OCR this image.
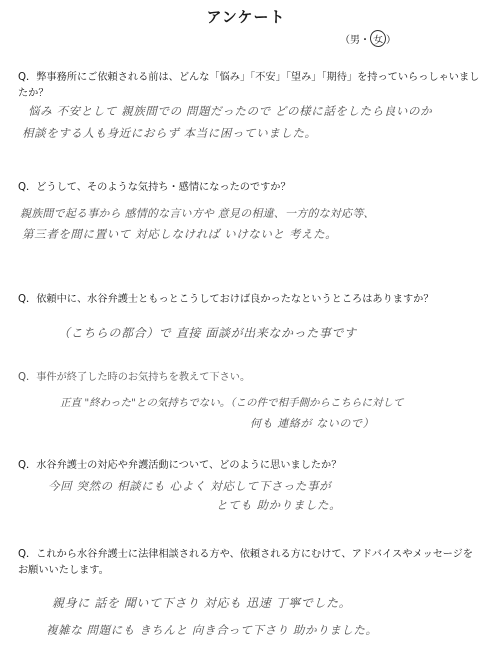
アンケート
（男・ 女 ）
Q．弊事務所にご依頼される前は、どんな「悩み」「不安」「望み」「期待」を持っていらっしゃいましたか？
悩み 不安として 親族間での 問題だったので どの様に話をしたら良いのか
相談をする人も身近におらず 本当に困っていました。
Q．どうして、そのような気持ち・感情になったのですか？
親族間で起る事から 感情的な言い方や 意見の相違、一方的な対応等、
第三者を間に置いて 対応しなければ いけないと 考えた。
Q．依頼中に、水谷弁護士ともっとこうしておけば良かったなというところはありますか？
（こちらの都合）で 直接 面談が出来なかった事です
Q．事件が終了した時のお気持ちを教えて下さい。
正直 "終わった"との気持ちでない。（この件で相手側からこちらに対して
何も 連絡が ないので）
Q．水谷弁護士の対応や弁護活動について、どのように思いましたか？
今回 突然の 相談にも 心よく 対応して下さった事が
とても 助かりました。
Q．これから水谷弁護士に法律相談される方や、依頼される方にむけて、アドバイスやメッセージをお願いいたします。
親身に 話を 聞いて下さり 対応も 迅速 丁寧でした。
複雑な 問題にも きちんと 向き合って下さり 助かりました。
